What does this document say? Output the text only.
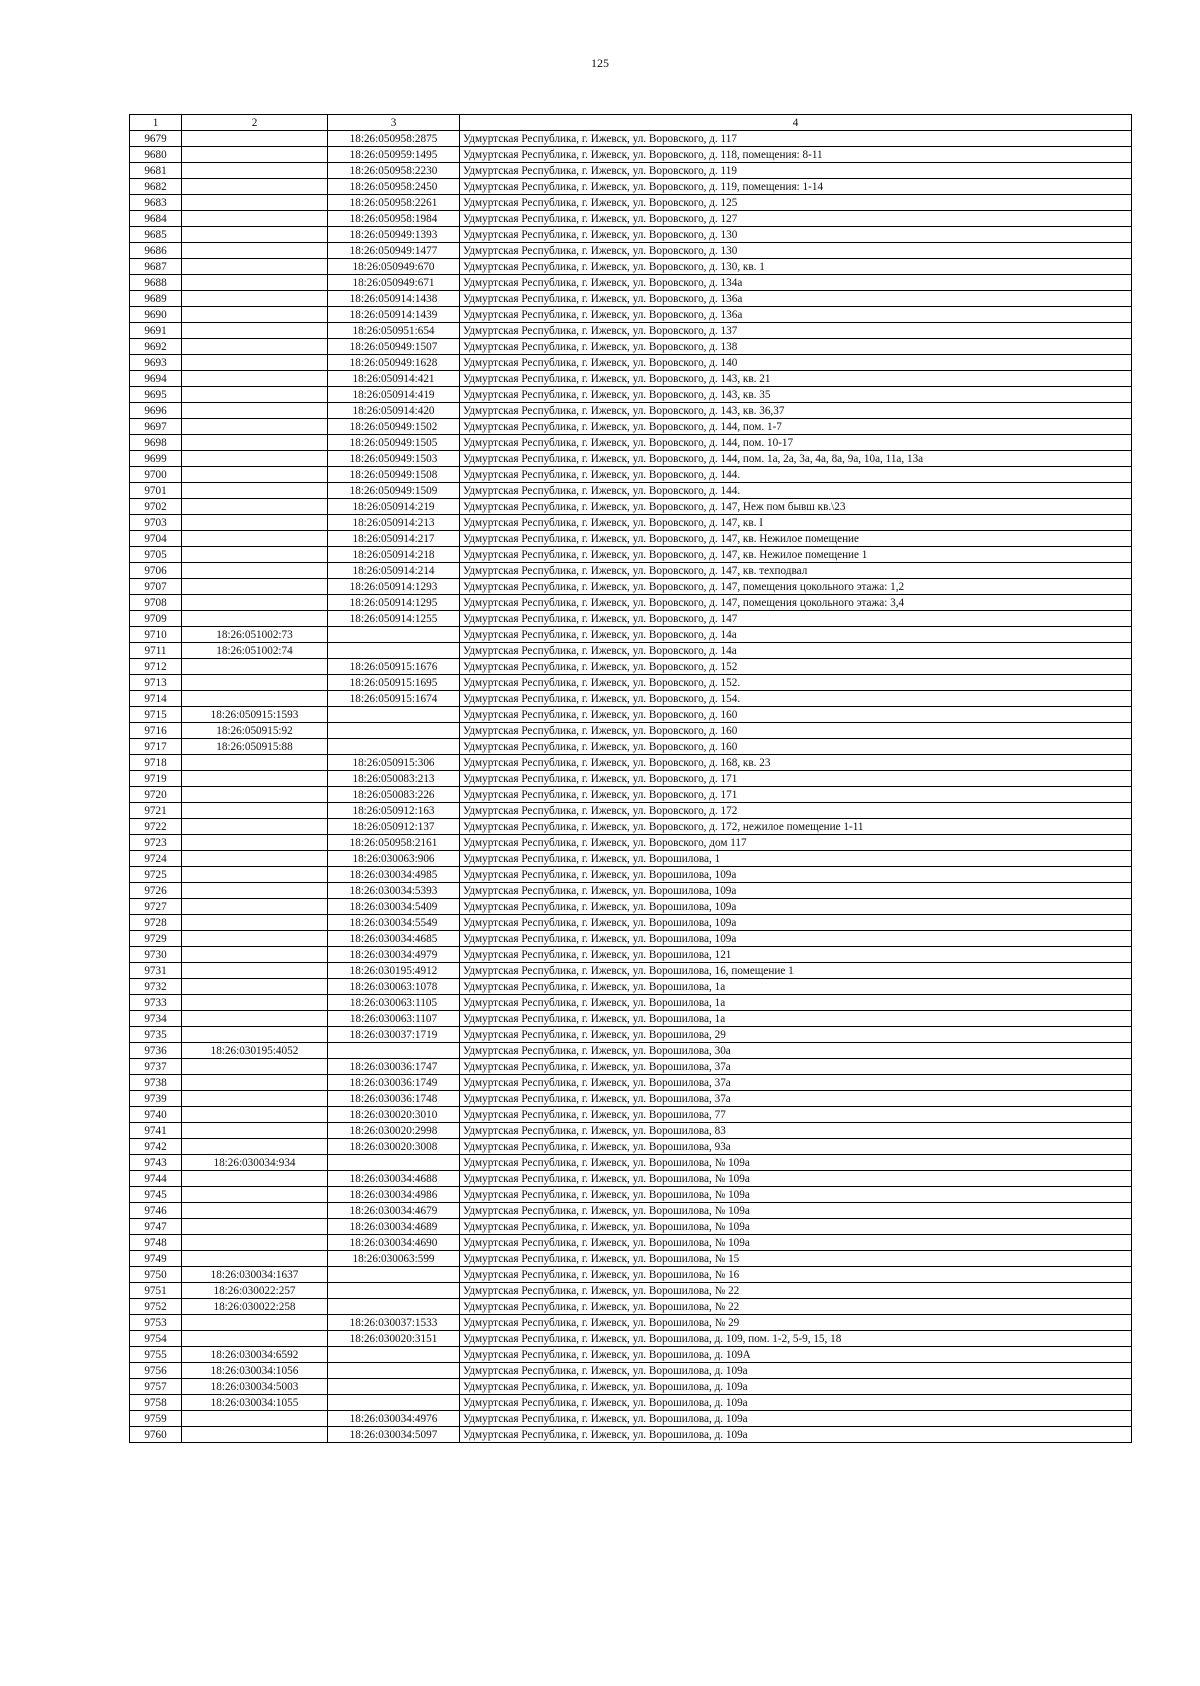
125
1	2	3	4
9679		18:26:050958:2875	Удмуртская Республика, г. Ижевск, ул. Воровского, д. 117
9680		18:26:050959:1495	Удмуртская Республика, г. Ижевск, ул. Воровского, д. 118, помещения: 8-11
9681		18:26:050958:2230	Удмуртская Республика, г. Ижевск, ул. Воровского, д. 119
9682		18:26:050958:2450	Удмуртская Республика, г. Ижевск, ул. Воровского, д. 119, помещения: 1-14
9683		18:26:050958:2261	Удмуртская Республика, г. Ижевск, ул. Воровского, д. 125
9684		18:26:050958:1984	Удмуртская Республика, г. Ижевск, ул. Воровского, д. 127
9685		18:26:050949:1393	Удмуртская Республика, г. Ижевск, ул. Воровского, д. 130
9686		18:26:050949:1477	Удмуртская Республика, г. Ижевск, ул. Воровского, д. 130
9687		18:26:050949:670	Удмуртская Республика, г. Ижевск, ул. Воровского, д. 130, кв. 1
9688		18:26:050949:671	Удмуртская Республика, г. Ижевск, ул. Воровского, д. 134а
9689		18:26:050914:1438	Удмуртская Республика, г. Ижевск, ул. Воровского, д. 136а
9690		18:26:050914:1439	Удмуртская Республика, г. Ижевск, ул. Воровского, д. 136а
9691		18:26:050951:654	Удмуртская Республика, г. Ижевск, ул. Воровского, д. 137
9692		18:26:050949:1507	Удмуртская Республика, г. Ижевск, ул. Воровского, д. 138
9693		18:26:050949:1628	Удмуртская Республика, г. Ижевск, ул. Воровского, д. 140
9694		18:26:050914:421	Удмуртская Республика, г. Ижевск, ул. Воровского, д. 143, кв. 21
9695		18:26:050914:419	Удмуртская Республика, г. Ижевск, ул. Воровского, д. 143, кв. 35
9696		18:26:050914:420	Удмуртская Республика, г. Ижевск, ул. Воровского, д. 143, кв. 36,37
9697		18:26:050949:1502	Удмуртская Республика, г. Ижевск, ул. Воровского, д. 144, пом. 1-7
9698		18:26:050949:1505	Удмуртская Республика, г. Ижевск, ул. Воровского, д. 144, пом. 10-17
9699		18:26:050949:1503	Удмуртская Республика, г. Ижевск, ул. Воровского, д. 144, пом. 1а, 2а, 3а, 4а, 8а, 9а, 10а, 11а, 13а
9700		18:26:050949:1508	Удмуртская Республика, г. Ижевск, ул. Воровского, д. 144.
9701		18:26:050949:1509	Удмуртская Республика, г. Ижевск, ул. Воровского, д. 144.
9702		18:26:050914:219	Удмуртская Республика, г. Ижевск, ул. Воровского, д. 147, Неж пом бывш кв.\23
9703		18:26:050914:213	Удмуртская Республика, г. Ижевск, ул. Воровского, д. 147, кв. I
9704		18:26:050914:217	Удмуртская Республика, г. Ижевск, ул. Воровского, д. 147, кв. Нежилое помещение
9705		18:26:050914:218	Удмуртская Республика, г. Ижевск, ул. Воровского, д. 147, кв. Нежилое помещение 1
9706		18:26:050914:214	Удмуртская Республика, г. Ижевск, ул. Воровского, д. 147, кв. техподвал
9707		18:26:050914:1293	Удмуртская Республика, г. Ижевск, ул. Воровского, д. 147, помещения цокольного этажа: 1,2
9708		18:26:050914:1295	Удмуртская Республика, г. Ижевск, ул. Воровского, д. 147, помещения цокольного этажа: 3,4
9709		18:26:050914:1255	Удмуртская Республика, г. Ижевск, ул. Воровского, д. 147
9710	18:26:051002:73		Удмуртская Республика, г. Ижевск, ул. Воровского, д. 14а
9711	18:26:051002:74		Удмуртская Республика, г. Ижевск, ул. Воровского, д. 14а
9712		18:26:050915:1676	Удмуртская Республика, г. Ижевск, ул. Воровского, д. 152
9713		18:26:050915:1695	Удмуртская Республика, г. Ижевск, ул. Воровского, д. 152.
9714		18:26:050915:1674	Удмуртская Республика, г. Ижевск, ул. Воровского, д. 154.
9715	18:26:050915:1593		Удмуртская Республика, г. Ижевск, ул. Воровского, д. 160
9716	18:26:050915:92		Удмуртская Республика, г. Ижевск, ул. Воровского, д. 160
9717	18:26:050915:88		Удмуртская Республика, г. Ижевск, ул. Воровского, д. 160
9718		18:26:050915:306	Удмуртская Республика, г. Ижевск, ул. Воровского, д. 168, кв. 23
9719		18:26:050083:213	Удмуртская Республика, г. Ижевск, ул. Воровского, д. 171
9720		18:26:050083:226	Удмуртская Республика, г. Ижевск, ул. Воровского, д. 171
9721		18:26:050912:163	Удмуртская Республика, г. Ижевск, ул. Воровского, д. 172
9722		18:26:050912:137	Удмуртская Республика, г. Ижевск, ул. Воровского, д. 172, нежилое помещение 1-11
9723		18:26:050958:2161	Удмуртская Республика, г. Ижевск, ул. Воровского, дом 117
9724		18:26:030063:906	Удмуртская Республика, г. Ижевск, ул. Ворошилова, 1
9725		18:26:030034:4985	Удмуртская Республика, г. Ижевск, ул. Ворошилова, 109а
9726		18:26:030034:5393	Удмуртская Республика, г. Ижевск, ул. Ворошилова, 109а
9727		18:26:030034:5409	Удмуртская Республика, г. Ижевск, ул. Ворошилова, 109а
9728		18:26:030034:5549	Удмуртская Республика, г. Ижевск, ул. Ворошилова, 109а
9729		18:26:030034:4685	Удмуртская Республика, г. Ижевск, ул. Ворошилова, 109а
9730		18:26:030034:4979	Удмуртская Республика, г. Ижевск, ул. Ворошилова, 121
9731		18:26:030195:4912	Удмуртская Республика, г. Ижевск, ул. Ворошилова, 16, помещение 1
9732		18:26:030063:1078	Удмуртская Республика, г. Ижевск, ул. Ворошилова, 1а
9733		18:26:030063:1105	Удмуртская Республика, г. Ижевск, ул. Ворошилова, 1а
9734		18:26:030063:1107	Удмуртская Республика, г. Ижевск, ул. Ворошилова, 1а
9735		18:26:030037:1719	Удмуртская Республика, г. Ижевск, ул. Ворошилова, 29
9736	18:26:030195:4052		Удмуртская Республика, г. Ижевск, ул. Ворошилова, 30а
9737		18:26:030036:1747	Удмуртская Республика, г. Ижевск, ул. Ворошилова, 37а
9738		18:26:030036:1749	Удмуртская Республика, г. Ижевск, ул. Ворошилова, 37а
9739		18:26:030036:1748	Удмуртская Республика, г. Ижевск, ул. Ворошилова, 37а
9740		18:26:030020:3010	Удмуртская Республика, г. Ижевск, ул. Ворошилова, 77
9741		18:26:030020:2998	Удмуртская Республика, г. Ижевск, ул. Ворошилова, 83
9742		18:26:030020:3008	Удмуртская Республика, г. Ижевск, ул. Ворошилова, 93а
9743	18:26:030034:934		Удмуртская Республика, г. Ижевск, ул. Ворошилова, № 109а
9744		18:26:030034:4688	Удмуртская Республика, г. Ижевск, ул. Ворошилова, № 109а
9745		18:26:030034:4986	Удмуртская Республика, г. Ижевск, ул. Ворошилова, № 109а
9746		18:26:030034:4679	Удмуртская Республика, г. Ижевск, ул. Ворошилова, № 109а
9747		18:26:030034:4689	Удмуртская Республика, г. Ижевск, ул. Ворошилова, № 109а
9748		18:26:030034:4690	Удмуртская Республика, г. Ижевск, ул. Ворошилова, № 109а
9749		18:26:030063:599	Удмуртская Республика, г. Ижевск, ул. Ворошилова, № 15
9750	18:26:030034:1637		Удмуртская Республика, г. Ижевск, ул. Ворошилова, № 16
9751	18:26:030022:257		Удмуртская Республика, г. Ижевск, ул. Ворошилова, № 22
9752	18:26:030022:258		Удмуртская Республика, г. Ижевск, ул. Ворошилова, № 22
9753		18:26:030037:1533	Удмуртская Республика, г. Ижевск, ул. Ворошилова, № 29
9754		18:26:030020:3151	Удмуртская Республика, г. Ижевск, ул. Ворошилова, д. 109, пом. 1-2, 5-9, 15, 18
9755	18:26:030034:6592		Удмуртская Республика, г. Ижевск, ул. Ворошилова, д. 109А
9756	18:26:030034:1056		Удмуртская Республика, г. Ижевск, ул. Ворошилова, д. 109а
9757	18:26:030034:5003		Удмуртская Республика, г. Ижевск, ул. Ворошилова, д. 109а
9758	18:26:030034:1055		Удмуртская Республика, г. Ижевск, ул. Ворошилова, д. 109а
9759		18:26:030034:4976	Удмуртская Республика, г. Ижевск, ул. Ворошилова, д. 109а
9760		18:26:030034:5097	Удмуртская Республика, г. Ижевск, ул. Ворошилова, д. 109а
